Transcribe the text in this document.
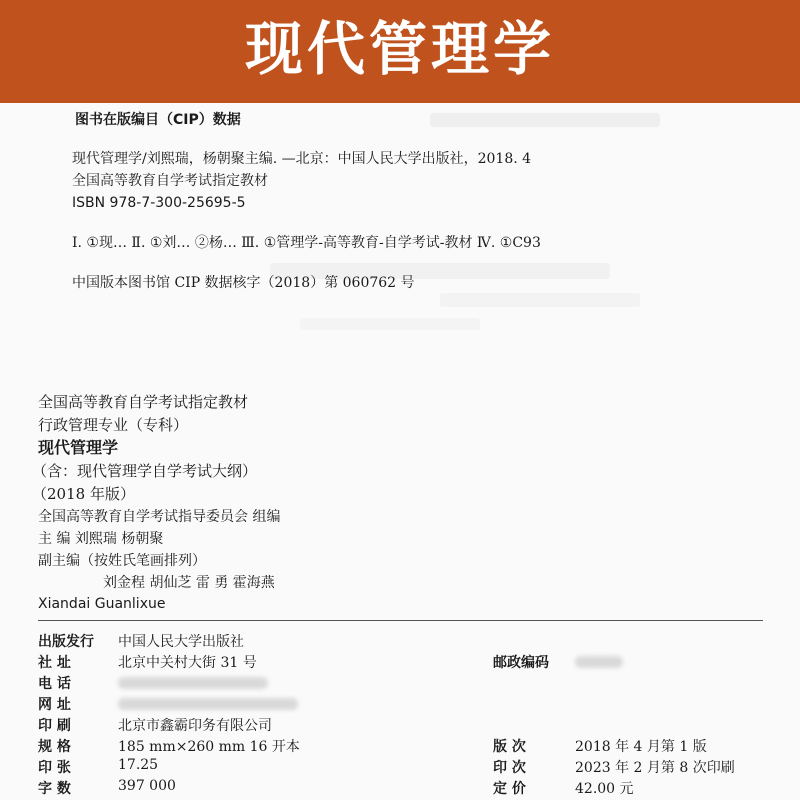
现代管理学
图书在版编目（CIP）数据
现代管理学/刘熙瑞，杨朝聚主编. —北京：中国人民大学出版社，2018. 4
全国高等教育自学考试指定教材
ISBN 978-7-300-25695-5
Ⅰ. ①现… Ⅱ. ①刘… ②杨… Ⅲ. ①管理学-高等教育-自学考试-教材 Ⅳ. ①C93
中国版本图书馆 CIP 数据核字（2018）第 060762 号
全国高等教育自学考试指定教材
行政管理专业（专科）
现代管理学
（含：现代管理学自学考试大纲）
（2018 年版）
全国高等教育自学考试指导委员会 组编
主 编 刘熙瑞 杨朝聚
副主编（按姓氏笔画排列）
刘金程 胡仙芝 雷 勇 霍海燕
Xiandai Guanlixue
出版发行 中国人民大学出版社
社 址	北京中关村大街 31 号	邮政编码
电 话
网 址
印 刷	北京市鑫霸印务有限公司
规 格	185 mm×260 mm 16 开本	版 次	2018 年 4 月第 1 版
印 张	17.25	印 次	2023 年 2 月第 8 次印刷
字 数	397 000	定 价	42.00 元
